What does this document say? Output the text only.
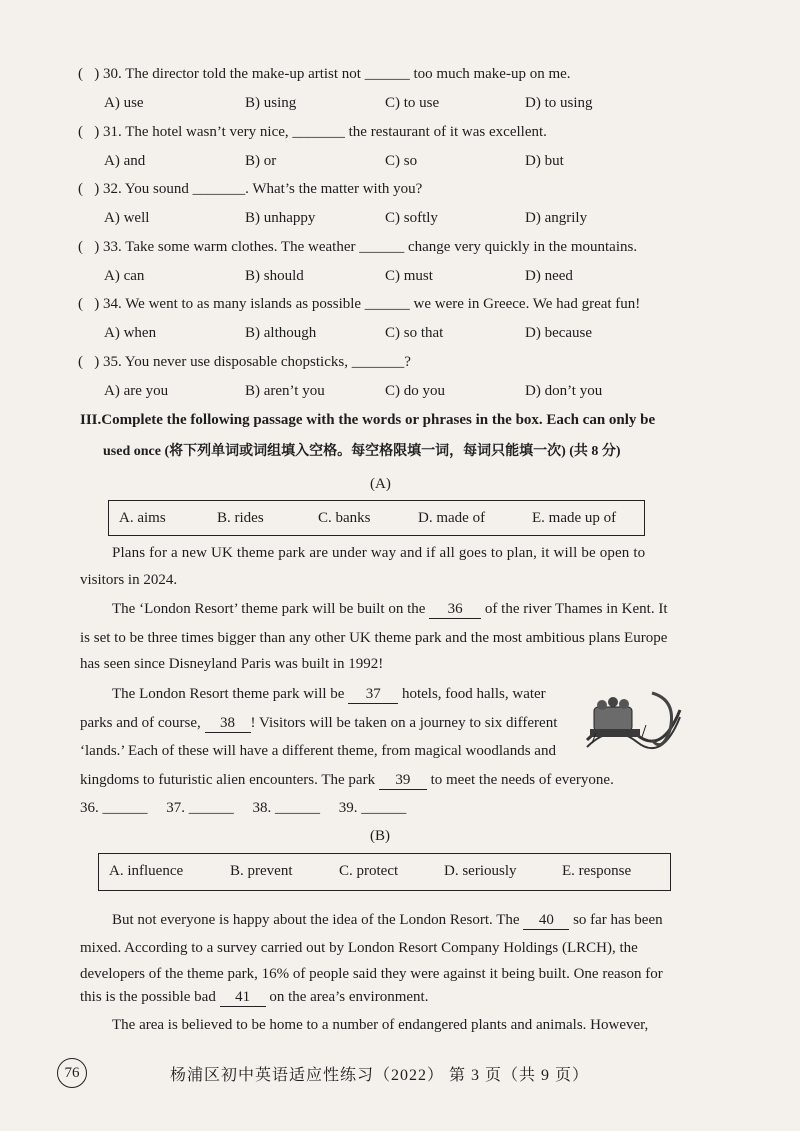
(   ) 30. The director told the make-up artist not ______ too much make-up on me.
A) use	B) using	C) to use	D) to using
(   ) 31. The hotel wasn’t very nice, _______ the restaurant of it was excellent.
A) and	B) or	C) so	D) but
(   ) 32. You sound _______. What’s the matter with you?
A) well	B) unhappy	C) softly	D) angrily
(   ) 33. Take some warm clothes. The weather ______ change very quickly in the mountains.
A) can	B) should	C) must	D) need
(   ) 34. We went to as many islands as possible ______ we were in Greece. We had great fun!
A) when	B) although	C) so that	D) because
(   ) 35. You never use disposable chopsticks, _______?
A) are you	B) aren’t you	C) do you	D) don’t you
III.Complete the following passage with the words or phrases in the box. Each can only be
used once (将下列单词或词组填入空格。每空格限填一词，每词只能填一次) (共 8 分)
(A)
A. aims	B. rides	C. banks	D. made of	E. made up of
Plans for a new UK theme park are under way and if all goes to plan, it will be open to
visitors in 2024.
The ‘London Resort’ theme park will be built on the 36 of the river Thames in Kent. It
is set to be three times bigger than any other UK theme park and the most ambitious plans Europe
has seen since Disneyland Paris was built in 1992!
The London Resort theme park will be 37 hotels, food halls, water
parks and of course, 38 ! Visitors will be taken on a journey to six different
‘lands.’ Each of these will have a different theme, from magical woodlands and
kingdoms to futuristic alien encounters. The park 39 to meet the needs of everyone.
36. ______ 37. ______ 38. ______ 39. ______
(B)
A. influence	B. prevent	C. protect	D. seriously	E. response
But not everyone is happy about the idea of the London Resort. The 40 so far has been
mixed. According to a survey carried out by London Resort Company Holdings (LRCH), the
developers of the theme park, 16% of people said they were against it being built. One reason for
this is the possible bad 41 on the area’s environment.
The area is believed to be home to a number of endangered plants and animals. However,
76	杨浦区初中英语适应性练习（2022） 第 3 页（共 9 页）
